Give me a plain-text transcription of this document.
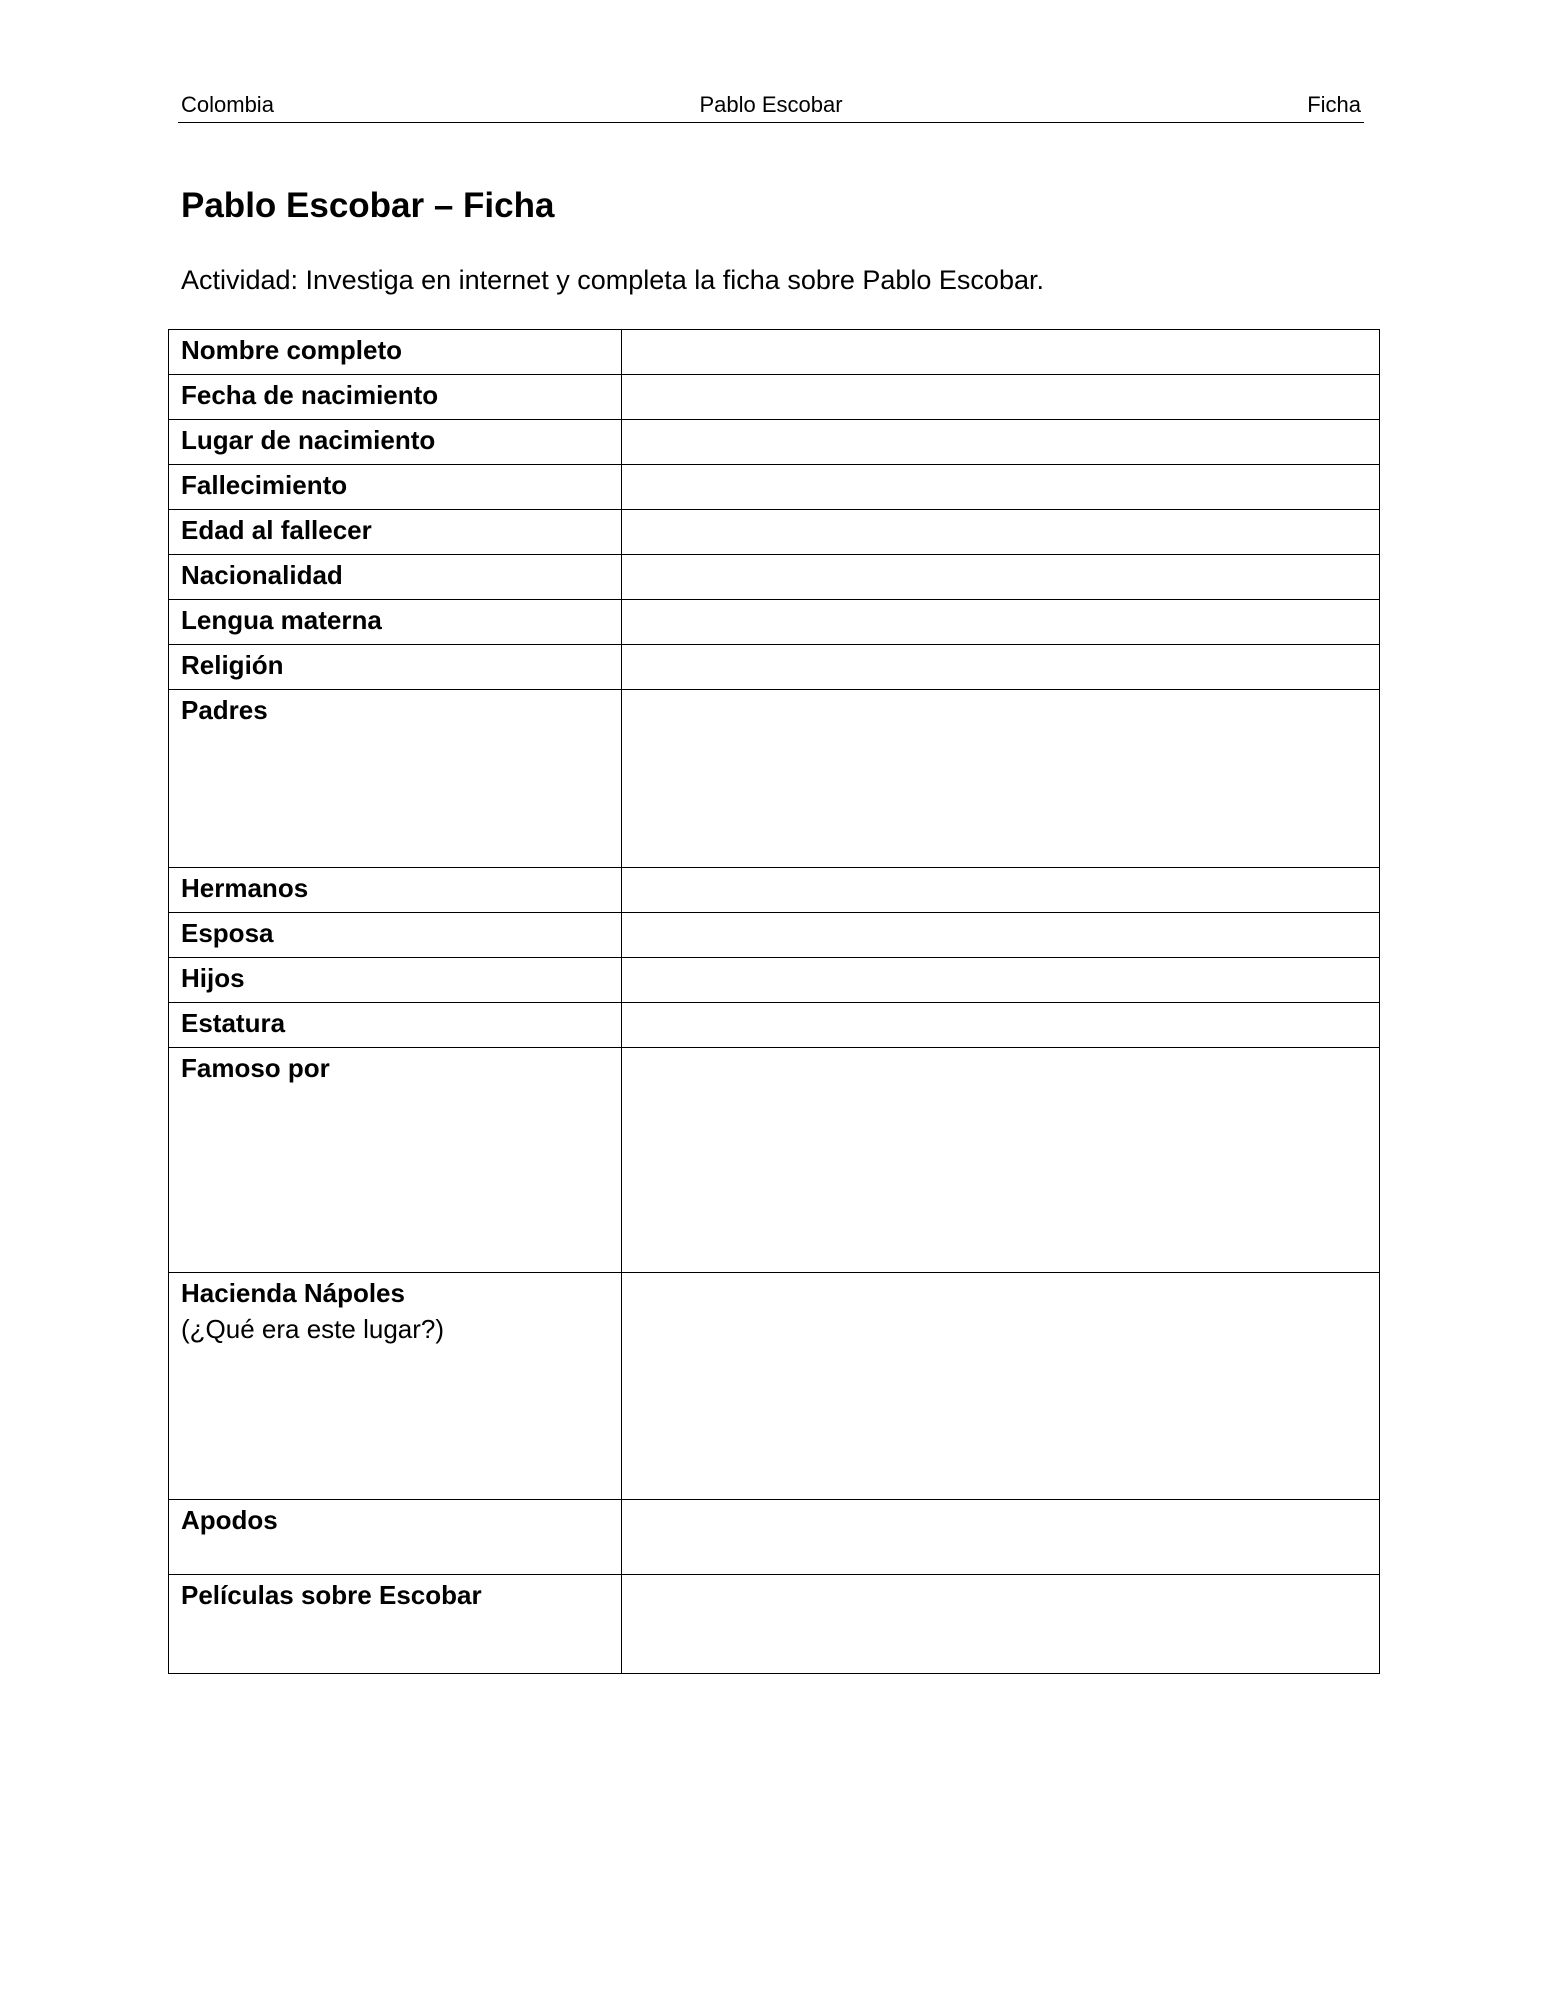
Colombia	Pablo Escobar	Ficha
Pablo Escobar – Ficha

Actividad: Investiga en internet y completa la ficha sobre Pablo Escobar.

Nombre completo	

Fecha de nacimiento	

Lugar de nacimiento	

Fallecimiento	

Edad al fallecer	

Nacionalidad	

Lengua materna	

Religión	

Padres	

Hermanos	

Esposa	

Hijos	

Estatura	

Famoso por	

Hacienda Nápoles
(¿Qué era este lugar?)	

Apodos	

Películas sobre Escobar	
